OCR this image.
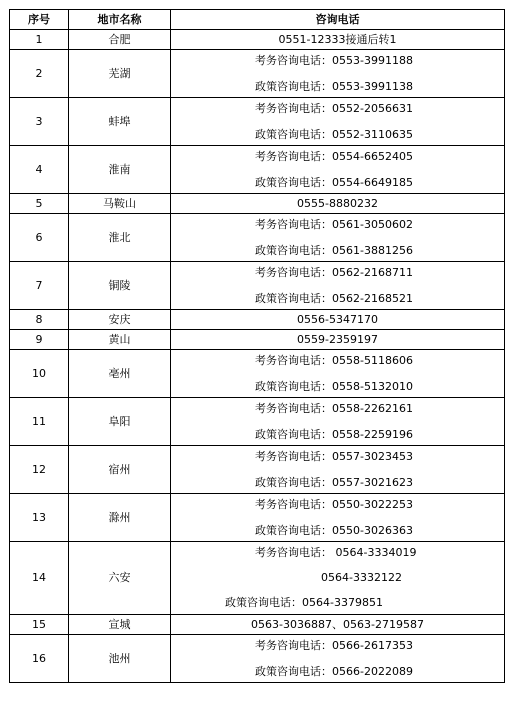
序号	地市名称	咨询电话
1	合肥	0551-12333接通后转1

2	芜湖	考务咨询电话：0553-3991188
政策咨询电话：0553-3991138

3	蚌埠	考务咨询电话：0552-2056631
政策咨询电话：0552-3110635

4	淮南	考务咨询电话：0554-6652405
政策咨询电话：0554-6649185

5	马鞍山	0555-8880232

6	淮北	考务咨询电话：0561-3050602
政策咨询电话：0561-3881256

7	铜陵	考务咨询电话：0562-2168711
政策咨询电话：0562-2168521

8	安庆	0556-5347170

9	黄山	0559-2359197

10	亳州	考务咨询电话：0558-5118606
政策咨询电话：0558-5132010

11	阜阳	考务咨询电话：0558-2262161
政策咨询电话：0558-2259196

12	宿州	考务咨询电话：0557-3023453
政策咨询电话：0557-3021623

13	滁州	考务咨询电话：0550-3022253
政策咨询电话：0550-3026363

14	六安	考务咨询电话： 0564-3334019
0564-3332122
政策咨询电话：0564-3379851

15	宣城	0563-3036887、0563-2719587

16	池州	考务咨询电话：0566-2617353
政策咨询电话：0566-2022089
